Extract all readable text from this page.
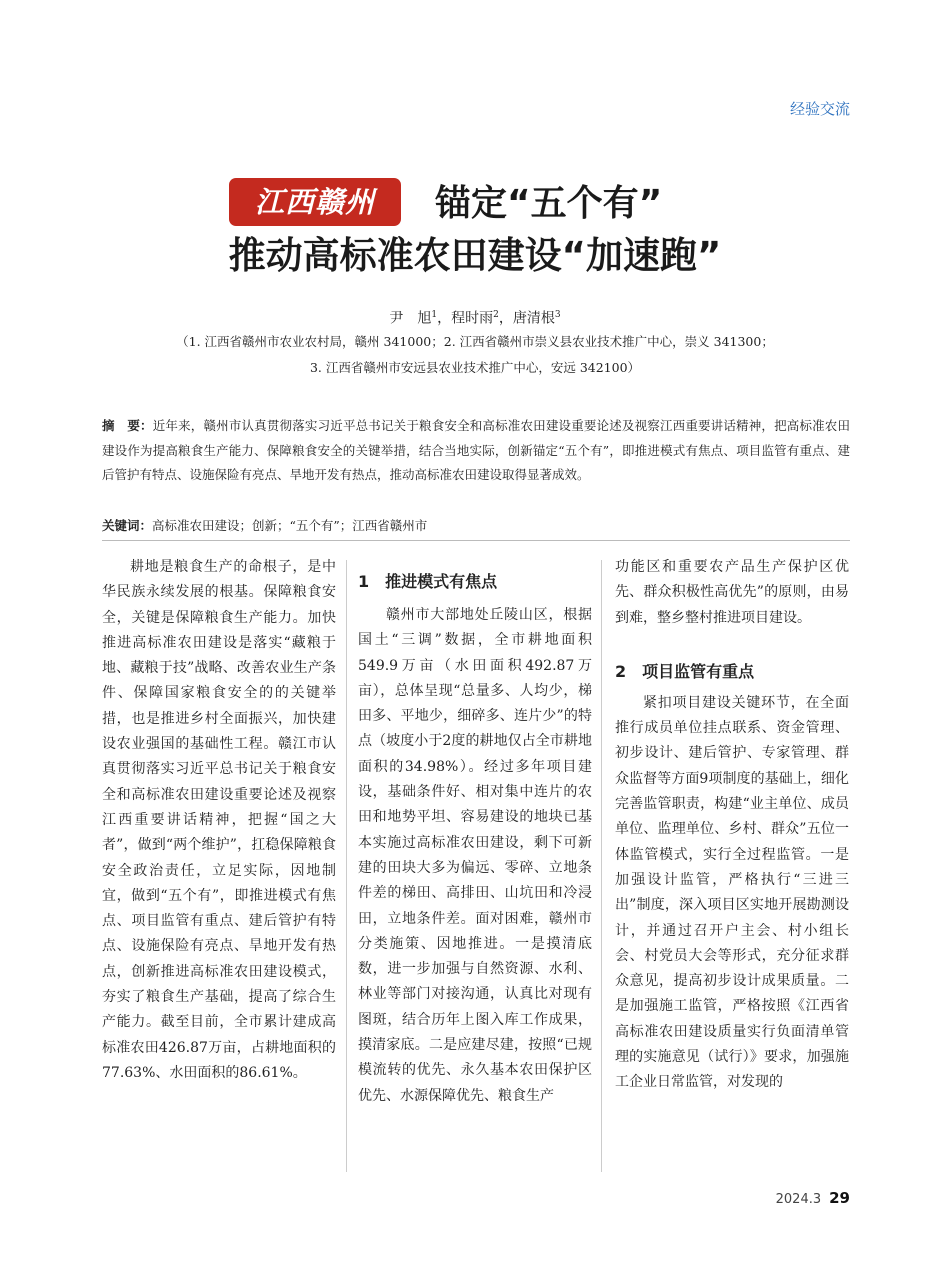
经验交流
江西赣州	锚定“五个有”
推动高标准农田建设“加速跑”
尹　旭$^1$，程时雨$^2$，唐清根$^3$
（1. 江西省赣州市农业农村局，赣州 341000；2. 江西省赣州市崇义县农业技术推广中心，崇义 341300；
3. 江西省赣州市安远县农业技术推广中心，安远 342100）
摘　要：近年来，赣州市认真贯彻落实习近平总书记关于粮食安全和高标准农田建设重要论述及视察江西重要讲话精神，把高标准农田建设作为提高粮食生产能力、保障粮食安全的关键举措，结合当地实际，创新锚定“五个有”，即推进模式有焦点、项目监管有重点、建后管护有特点、设施保险有亮点、旱地开发有热点，推动高标准农田建设取得显著成效。
关键词：高标准农田建设；创新；“五个有”；江西省赣州市

耕地是粮食生产的命根子，是中华民族永续发展的根基。保障粮食安全，关键是保障粮食生产能力。加快推进高标准农田建设是落实“藏粮于地、藏粮于技”战略、改善农业生产条件、保障国家粮食安全的的关键举措，也是推进乡村全面振兴，加快建设农业强国的基础性工程。赣江市认真贯彻落实习近平总书记关于粮食安全和高标准农田建设重要论述及视察江西重要讲话精神，把握“国之大者”，做到“两个维护”，扛稳保障粮食安全政治责任，立足实际，因地制宜，做到“五个有”，即推进模式有焦点、项目监管有重点、建后管护有特点、设施保险有亮点、旱地开发有热点，创新推进高标准农田建设模式，夯实了粮食生产基础，提高了综合生产能力。截至目前，全市累计建成高标准农田426.87万亩，占耕地面积的77.63%、水田面积的86.61%。

1　推进模式有焦点

赣州市大部地处丘陵山区，根据国土“三调”数据，全市耕地面积549.9万亩（水田面积492.87万亩），总体呈现“总量多、人均少，梯田多、平地少，细碎多、连片少”的特点（坡度小于2度的耕地仅占全市耕地面积的34.98%）。经过多年项目建设，基础条件好、相对集中连片的农田和地势平坦、容易建设的地块已基本实施过高标准农田建设，剩下可新建的田块大多为偏远、零碎、立地条件差的梯田、高排田、山坑田和冷浸田，立地条件差。面对困难，赣州市分类施策、因地推进。一是摸清底数，进一步加强与自然资源、水利、林业等部门对接沟通，认真比对现有图斑，结合历年上图入库工作成果，摸清家底。二是应建尽建，按照“已规模流转的优先、永久基本农田保护区优先、水源保障优先、粮食生产

功能区和重要农产品生产保护区优先、群众积极性高优先”的原则，由易到难，整乡整村推进项目建设。

2　项目监管有重点

紧扣项目建设关键环节，在全面推行成员单位挂点联系、资金管理、初步设计、建后管护、专家管理、群众监督等方面9项制度的基础上，细化完善监管职责，构建“业主单位、成员单位、监理单位、乡村、群众”五位一体监管模式，实行全过程监管。一是加强设计监管，严格执行“三进三出”制度，深入项目区实地开展勘测设计，并通过召开户主会、村小组长会、村党员大会等形式，充分征求群众意见，提高初步设计成果质量。二是加强施工监管，严格按照《江西省高标准农田建设质量实行负面清单管理的实施意见（试行）》要求，加强施工企业日常监管，对发现的

2024.3 29
